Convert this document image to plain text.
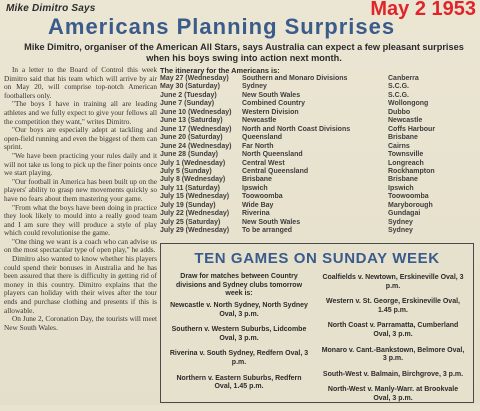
Mike Dimitro Says	May 2 1953
Americans Planning Surprises
Mike Dimitro, organiser of the American All Stars, says Australia can expect a few pleasant surprises when his boys swing into action next month.

In a letter to the Board of Control this week Dimitro said that his team which will arrive by air on May 20, will comprise top-notch American footballers only.

"The boys I have in training all are leading athletes and we fully expect to give your fellows all the competition they want," writes Dimitro.

"Our boys are especially adept at tackling and open-field running and even the biggest of them can sprint.

"We have been practicing your rules daily and it will not take us long to pick up the finer points once we start playing.

"Our football in America has been built up on the players' ability to grasp new movements quickly so have no fears about them mastering your game.

"From what the boys have been doing in practice they look likely to mould into a really good team and I am sure they will produce a style of play which could revolutionise the game.

"One thing we want is a coach who can advise us on the most spectacular type of open play," he adds.

Dimitro also wanted to know whether his players could spend their bonuses in Australia and he has been assured that there is difficulty in getting rid of money in this country. Dimitro explains that the players can holiday with their wives after the tour ends and purchase clothing and presents if this is allowable.

On June 2, Coronation Day, the tourists will meet New South Wales.

The itinerary for the Americans is:
May 27 (Wednesday)	Southern and Monaro Divisions	Canberra
May 30 (Saturday)	Sydney	S.C.G.
June 2 (Tuesday)	New South Wales	S.C.G.
June 7 (Sunday)	Combined Country	Wollongong
June 10 (Wednesday)	Western Division	Dubbo
June 13 (Saturday)	Newcastle	Newcastle
June 17 (Wednesday)	North and North Coast Divisions	Coffs Harbour
June 20 (Saturday)	Queensland	Brisbane
June 24 (Wednesday)	Far North	Cairns
June 28 (Sunday)	North Queensland	Townsville
July 1 (Wednesday)	Central West	Longreach
July 5 (Sunday)	Central Queensland	Rockhampton
July 8 (Wednesday)	Brisbane	Brisbane
July 11 (Saturday)	Ipswich	Ipswich
July 15 (Wednesday)	Toowoomba	Toowoomba
July 19 (Sunday)	Wide Bay	Maryborough
July 22 (Wednesday)	Riverina	Gundagai
July 25 (Saturday)	New South Wales	Sydney
July 29 (Wednesday)	To be arranged	Sydney
TEN GAMES ON SUNDAY WEEK
Draw for matches between Country divisions and Sydney clubs tomorrow week is:
Newcastle v. North Sydney, North Sydney Oval, 3 p.m.
Southern v. Western Suburbs, Lidcombe Oval, 3 p.m.
Riverina v. South Sydney, Redfern Oval, 3 p.m.
Northern v. Eastern Suburbs, Redfern Oval, 1.45 p.m.
Coalfields v. Newtown, Erskineville Oval, 3 p.m.
Western v. St. George, Erskineville Oval, 1.45 p.m.
North Coast v. Parramatta, Cumberland Oval, 3 p.m.
Monaro v. Cant.-Bankstown, Belmore Oval, 3 p.m.
South-West v. Balmain, Birchgrove, 3 p.m.
North-West v. Manly-Warr. at Brookvale Oval, 3 p.m.
